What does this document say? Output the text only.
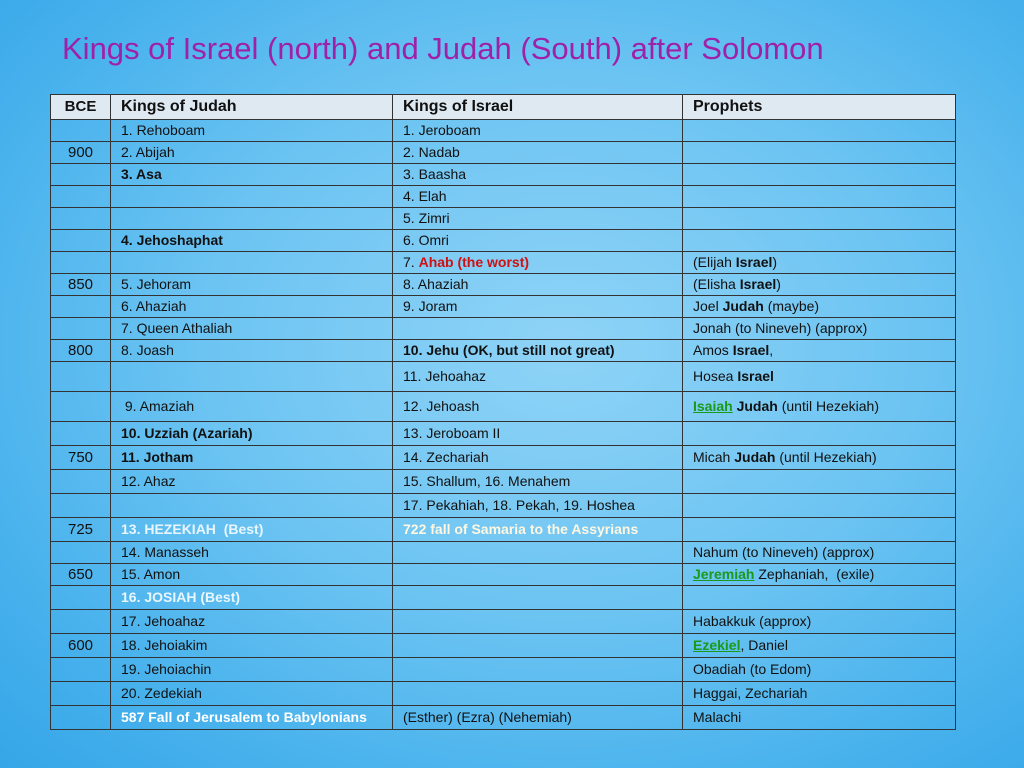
Kings of Israel (north) and Judah (South) after Solomon
BCE	Kings of Judah	Kings of Israel	Prophets
	1. Rehoboam	1. Jeroboam	
900	2. Abijah	2. Nadab	
	3. Asa	3. Baasha	
		4. Elah	
		5. Zimri	
	4. Jehoshaphat	6. Omri	
		7. Ahab (the worst)	(Elijah Israel)
850	5. Jehoram	8. Ahaziah	(Elisha Israel)
	6. Ahaziah	9. Joram	Joel Judah (maybe)
	7. Queen Athaliah		Jonah (to Nineveh) (approx)
800	8. Joash	10. Jehu (OK, but still not great)	Amos Israel,
		11. Jehoahaz	Hosea Israel
	9. Amaziah	12. Jehoash	Isaiah Judah (until Hezekiah)
	10. Uzziah (Azariah)	13. Jeroboam II	
750	11. Jotham	14. Zechariah	Micah Judah (until Hezekiah)
	12. Ahaz	15. Shallum, 16. Menahem	
		17. Pekahiah, 18. Pekah, 19. Hoshea	
725	13. HEZEKIAH  (Best)	722 fall of Samaria to the Assyrians	
	14. Manasseh		Nahum (to Nineveh) (approx)
650	15. Amon		Jeremiah Zephaniah,  (exile)
	16. JOSIAH (Best)		
	17. Jehoahaz		Habakkuk (approx)
600	18. Jehoiakim		Ezekiel, Daniel
	19. Jehoiachin		Obadiah (to Edom)
	20. Zedekiah		Haggai, Zechariah
	587 Fall of Jerusalem to Babylonians	(Esther) (Ezra) (Nehemiah)	Malachi
